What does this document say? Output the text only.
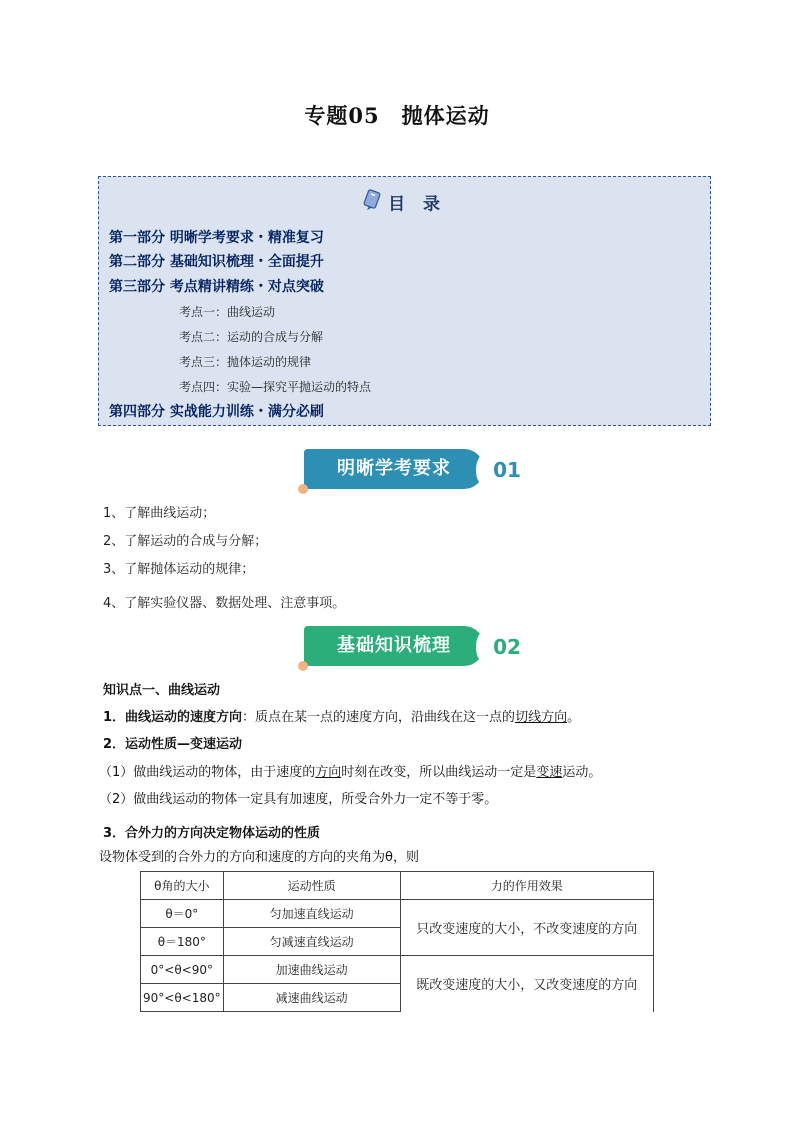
专题05　抛体运动
目 录
第一部分 明晰学考要求・精准复习
第二部分 基础知识梳理・全面提升
第三部分 考点精讲精练・对点突破
考点一：曲线运动
考点二：运动的合成与分解
考点三：抛体运动的规律
考点四：实验—探究平抛运动的特点
第四部分 实战能力训练・满分必刷
明晰学考要求	01
1、了解曲线运动；
2、了解运动的合成与分解；
3、了解抛体运动的规律；
4、了解实验仪器、数据处理、注意事项。
基础知识梳理	02
知识点一、曲线运动
1．曲线运动的速度方向：质点在某一点的速度方向，沿曲线在这一点的切线方向。
2．运动性质—变速运动
（1）做曲线运动的物体，由于速度的方向时刻在改变，所以曲线运动一定是变速运动。
（2）做曲线运动的物体一定具有加速度，所受合外力一定不等于零。
3．合外力的方向决定物体运动的性质
设物体受到的合外力的方向和速度的方向的夹角为θ，则
θ角的大小	运动性质	力的作用效果
θ＝0°	匀加速直线运动	只改变速度的大小，不改变速度的方向
θ＝180°	匀减速直线运动	
0°<θ<90°	加速曲线运动	既改变速度的大小，又改变速度的方向
90°<θ<180°	减速曲线运动	
